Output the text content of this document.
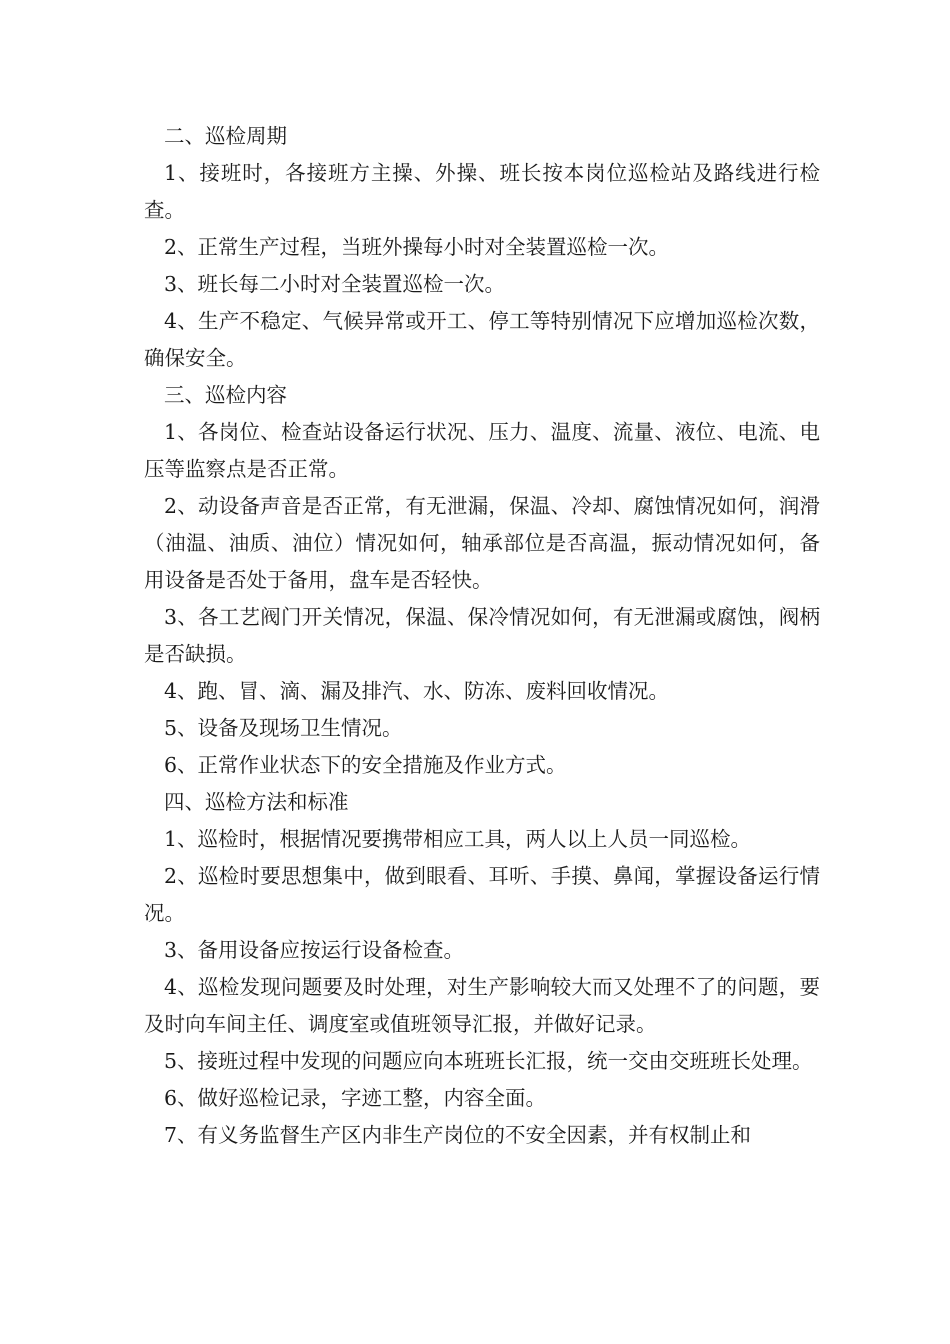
二、巡检周期

1、接班时，各接班方主操、外操、班长按本岗位巡检站及路线进行检查。

2、正常生产过程，当班外操每小时对全装置巡检一次。

3、班长每二小时对全装置巡检一次。

4、生产不稳定、气候异常或开工、停工等特别情况下应增加巡检次数，确保安全。

三、巡检内容

1、各岗位、检查站设备运行状况、压力、温度、流量、液位、电流、电压等监察点是否正常。

2、动设备声音是否正常，有无泄漏，保温、冷却、腐蚀情况如何，润滑（油温、油质、油位）情况如何，轴承部位是否高温，振动情况如何，备用设备是否处于备用，盘车是否轻快。

3、各工艺阀门开关情况，保温、保冷情况如何，有无泄漏或腐蚀，阀柄是否缺损。

4、跑、冒、滴、漏及排汽、水、防冻、废料回收情况。

5、设备及现场卫生情况。

6、正常作业状态下的安全措施及作业方式。

四、巡检方法和标准

1、巡检时，根据情况要携带相应工具，两人以上人员一同巡检。

2、巡检时要思想集中，做到眼看、耳听、手摸、鼻闻，掌握设备运行情况。

3、备用设备应按运行设备检查。

4、巡检发现问题要及时处理，对生产影响较大而又处理不了的问题，要及时向车间主任、调度室或值班领导汇报，并做好记录。

5、接班过程中发现的问题应向本班班长汇报，统一交由交班班长处理。

6、做好巡检记录，字迹工整，内容全面。

7、有义务监督生产区内非生产岗位的不安全因素，并有权制止和
